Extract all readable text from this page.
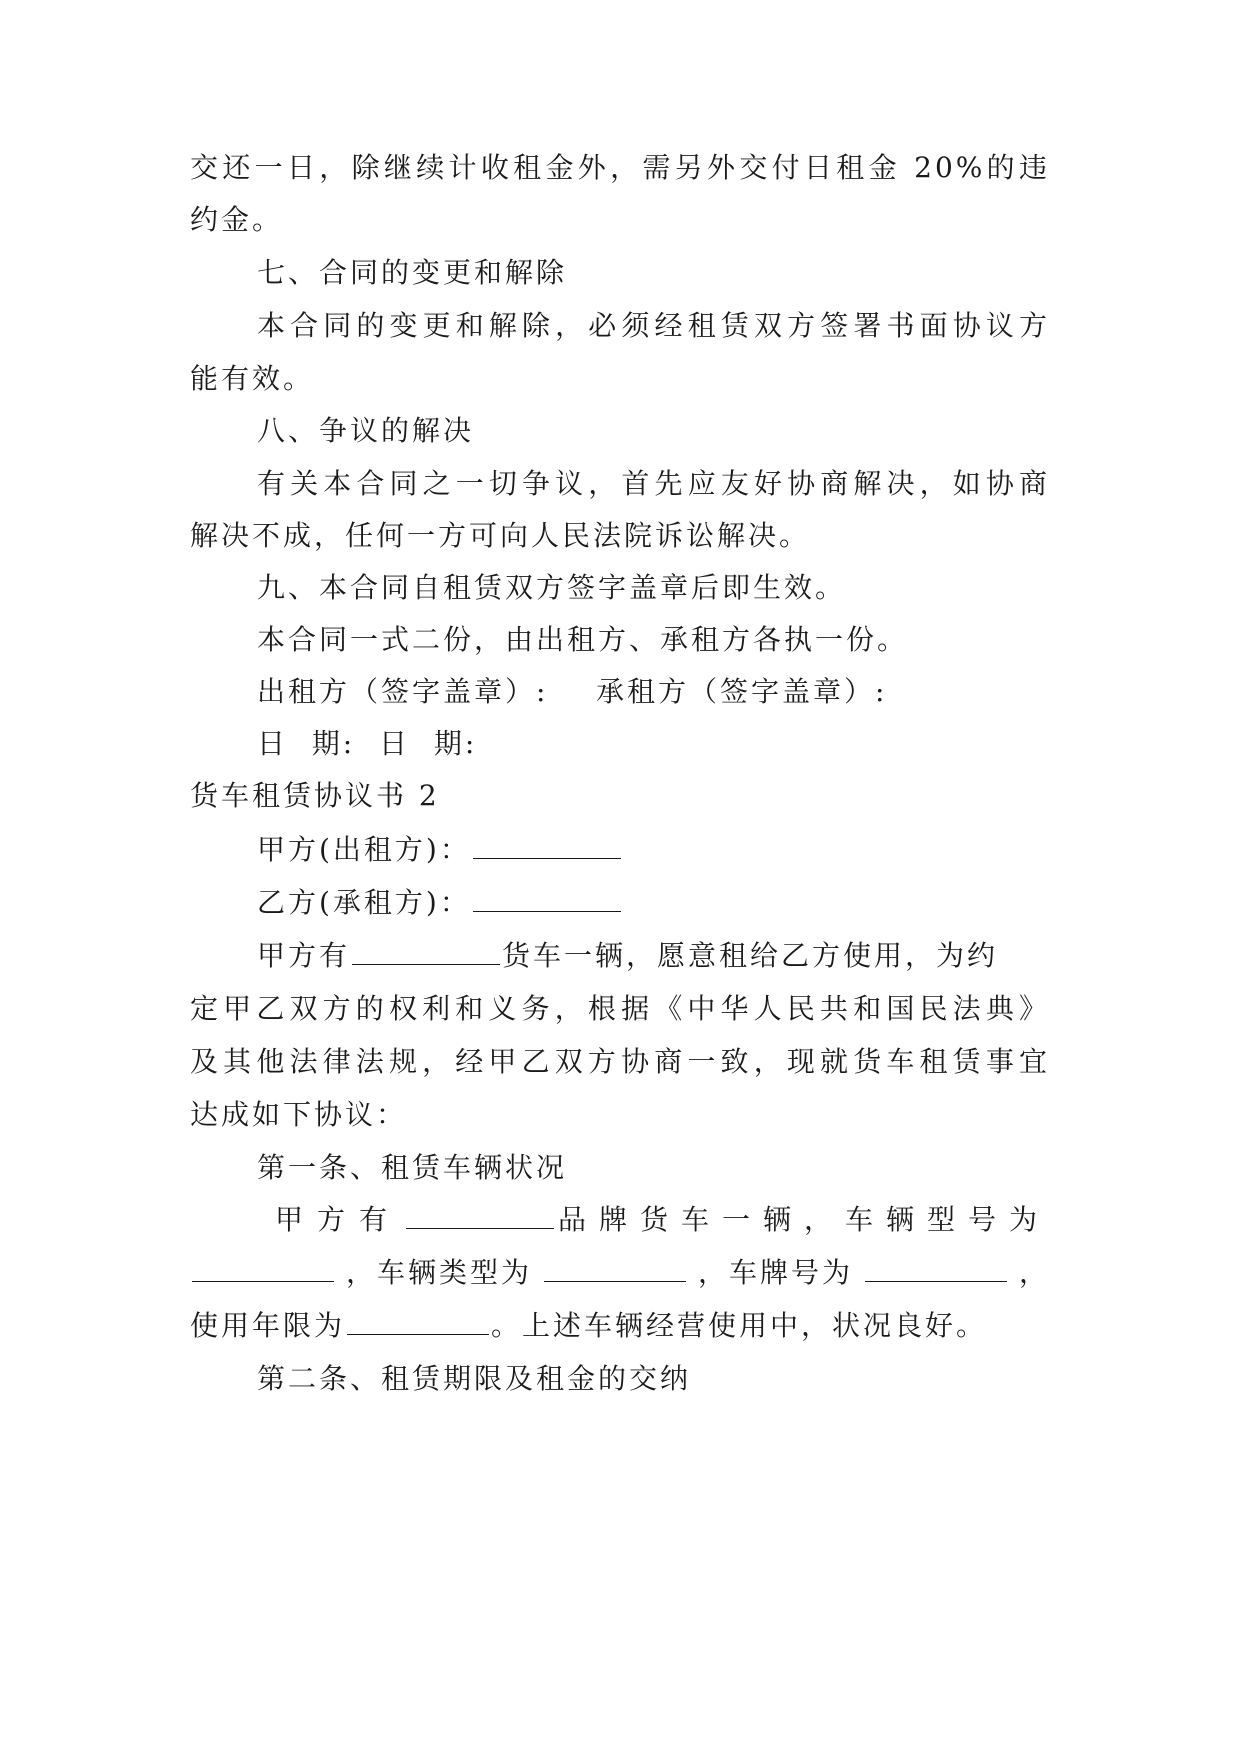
交还一日，除继续计收租金外，需另外交付日租金 20%的违
约金。
七、合同的变更和解除
本合同的变更和解除，必须经租赁双方签署书面协议方
能有效。
八、争议的解决
有关本合同之一切争议，首先应友好协商解决，如协商
解决不成，任何一方可向人民法院诉讼解决。
九、本合同自租赁双方签字盖章后即生效。
本合同一式二份，由出租方、承租方各执一份。
出租方（签字盖章）:    承租方（签字盖章）:
日  期:  日  期:
货车租赁协议书 2
甲方(出租方)：
乙方(承租方)：
甲方有	货车一辆，愿意租给乙方使用，为约
定甲乙双方的权利和义务，根据《中华人民共和国民法典》
及其他法律法规，经甲乙双方协商一致，现就货车租赁事宜
达成如下协议：
第一条、租赁车辆状况
甲方有	品牌货车一辆，车辆型号为
，车辆类型为	，车牌号为	，
使用年限为	。上述车辆经营使用中，状况良好。
第二条、租赁期限及租金的交纳
